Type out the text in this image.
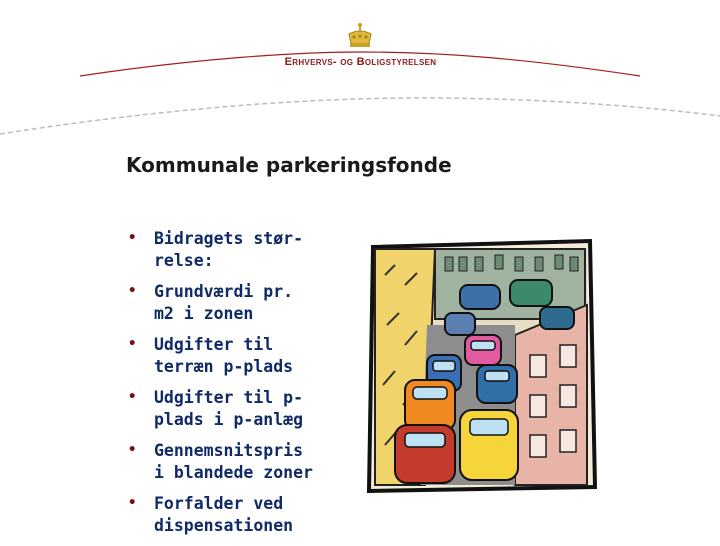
Erhvervs- og Boligstyrelsen
Kommunale parkeringsfonde
• Bidragets stør-
relse:
• Grundværdi pr.
m2 i zonen
• Udgifter til
terræn p-plads
• Udgifter til p-
plads i p-anlæg
• Gennemsnitspris
i blandede zoner
• Forfalder ved
dispensationen
